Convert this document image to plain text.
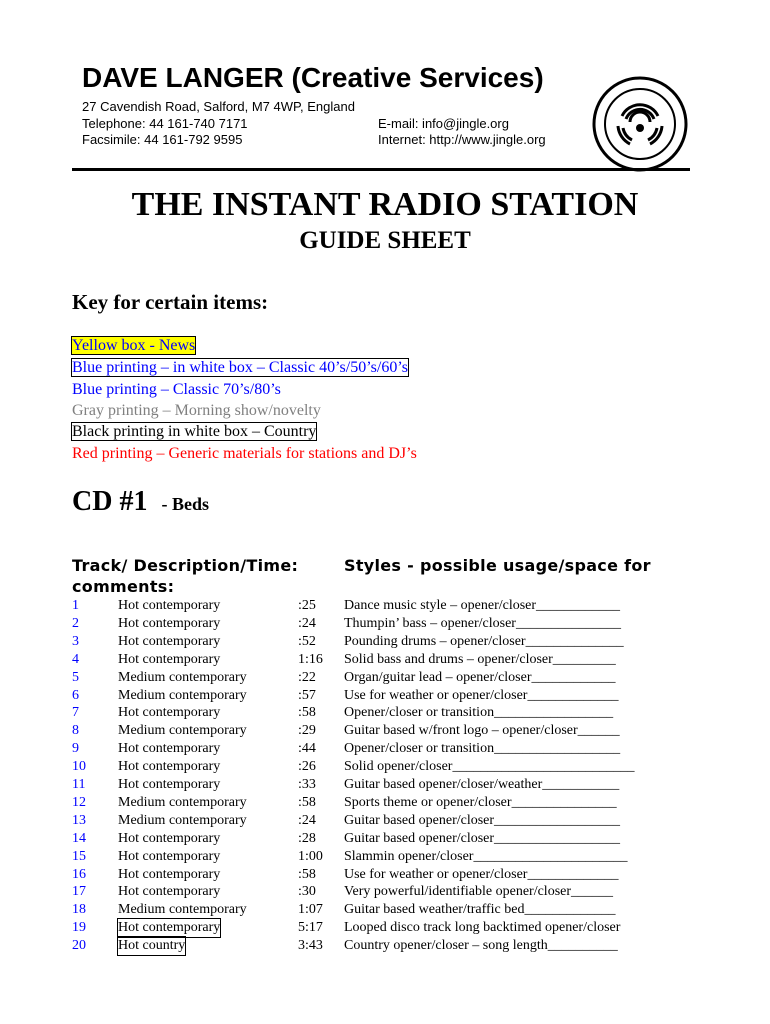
DAVE LANGER (Creative Services)
27 Cavendish Road, Salford, M7 4WP, England
Telephone: 44 161-740 7171	E-mail: info@jingle.org
Facsimile: 44 161-792 9595	Internet: http://www.jingle.org
THE INSTANT RADIO STATION
GUIDE SHEET
Key for certain items:
Yellow box - News
Blue printing – in white box – Classic 40’s/50’s/60’s
Blue printing – Classic 70’s/80’s
Gray printing – Morning show/novelty
Black printing in white box – Country
Red printing – Generic materials for stations and DJ’s
CD #1 - Beds
Track/ Description/Time:
comments:
Styles - possible usage/space for
1	Hot contemporary	:25 Dance music style – opener/closer____________
2	Hot contemporary	:24 Thumpin’ bass – opener/closer_______________
3	Hot contemporary	:52 Pounding drums – opener/closer______________
4	Hot contemporary	1:16 Solid bass and drums – opener/closer_________
5	Medium contemporary	:22 Organ/guitar lead – opener/closer____________
6	Medium contemporary	:57 Use for weather or opener/closer_____________
7	Hot contemporary	:58 Opener/closer or transition_________________
8	Medium contemporary	:29 Guitar based w/front logo – opener/closer______
9	Hot contemporary	:44 Opener/closer or transition__________________
10 Hot contemporary	:26 Solid opener/closer__________________________
11 Hot contemporary	:33 Guitar based opener/closer/weather___________
12 Medium contemporary	:58 Sports theme or opener/closer_______________
13 Medium contemporary	:24 Guitar based opener/closer__________________
14 Hot contemporary	:28 Guitar based opener/closer__________________
15 Hot contemporary	1:00 Slammin opener/closer______________________
16 Hot contemporary	:58 Use for weather or opener/closer_____________
17 Hot contemporary	:30 Very powerful/identifiable opener/closer______
18 Medium contemporary	1:07 Guitar based weather/traffic bed_____________
19 Hot contemporary	5:17 Looped disco track long backtimed opener/closer
20 Hot country	3:43 Country opener/closer – song length__________
